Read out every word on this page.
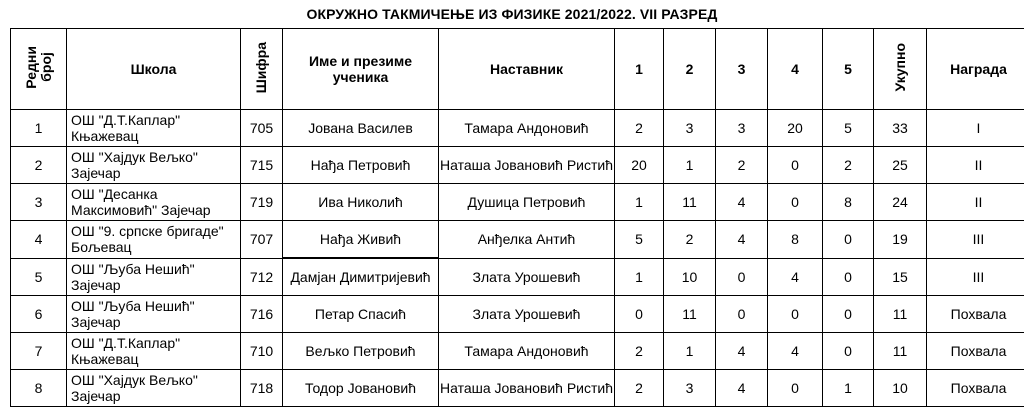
ОКРУЖНО ТАКМИЧЕЊЕ ИЗ ФИЗИКЕ 2021/2022. VII РАЗРЕД
Редни
број	Школа	Шифра	Име и презиме ученика	Наставник	1	2	3	4	5	Укупно	Награда
1	ОШ "Д.Т.Каплар" Књажевац	705	Јована Василев	Тамара Андоновић	2	3	3	20	5	33	I
2	ОШ "Хајдук Вељко" Зајечар	715	Нађа Петровић	Наташа Јовановић Ристић	20	1	2	0	2	25	II
3	ОШ "Десанка Максимовић" Зајечар	719	Ива Николић	Душица Петровић	1	11	4	0	8	24	II
4	ОШ "9. српске бригаде" Бољевац	707	Нађа Живић	Анђелка Антић	5	2	4	8	0	19	III
5	ОШ "Љуба Нешић" Зајечар	712	Дамјан Димитријевић	Злата Урошевић	1	10	0	4	0	15	III
6	ОШ "Љуба Нешић" Зајечар	716	Петар Спасић	Злата Урошевић	0	11	0	0	0	11	Похвала
7	ОШ "Д.Т.Каплар" Књажевац	710	Вељко Петровић	Тамара Андоновић	2	1	4	4	0	11	Похвала
8	ОШ "Хајдук Вељко" Зајечар	718	Тодор Јовановић	Наташа Јовановић Ристић	2	3	4	0	1	10	Похвала
